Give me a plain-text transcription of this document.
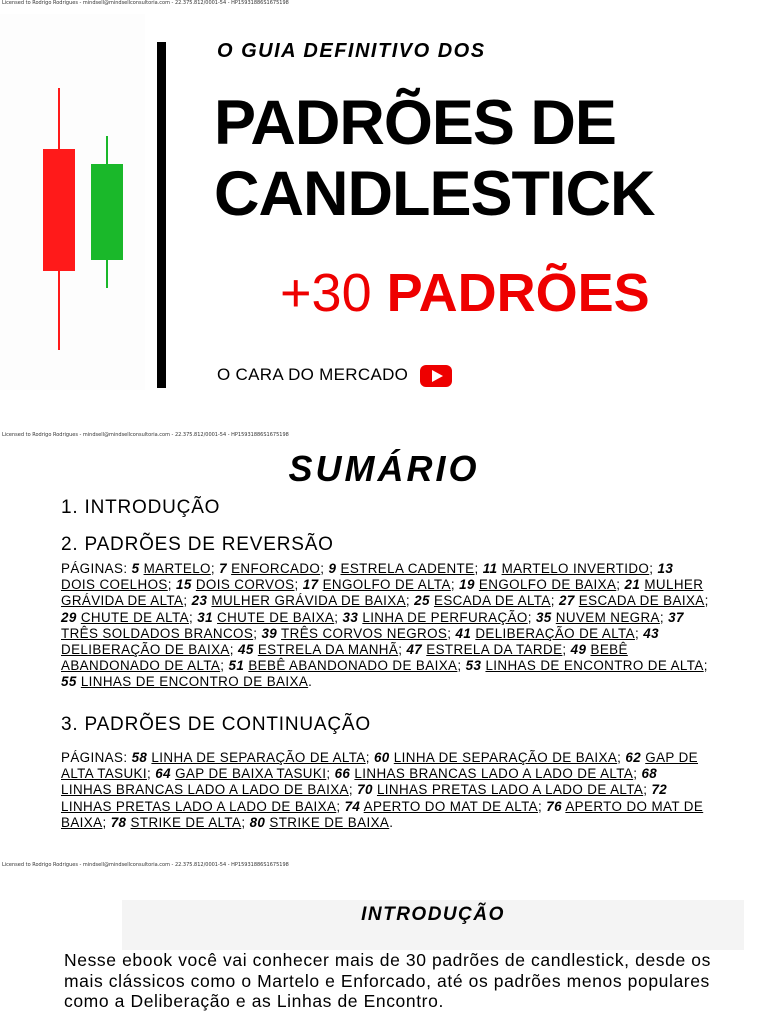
Licensed to Rodrigo Rodrigues - mindsell@mindsellconsultoria.com - 22.375.812/0001-54 - HP15931886S1675198
Licensed to Rodrigo Rodrigues - mindsell@mindsellconsultoria.com - 22.375.812/0001-54 - HP15931886S1675198
Licensed to Rodrigo Rodrigues - mindsell@mindsellconsultoria.com - 22.375.812/0001-54 - HP15931886S1675198
O GUIA DEFINITIVO DOS
PADRÕES DE
CANDLESTICK
+30 PADRÕES
O CARA DO MERCADO
SUMÁRIO
1. INTRODUÇÃO
2. PADRÕES DE REVERSÃO
PÁGINAS: 5 MARTELO; 7 ENFORCADO; 9 ESTRELA CADENTE; 11 MARTELO INVERTIDO; 13 DOIS COELHOS; 15 DOIS CORVOS; 17 ENGOLFO DE ALTA; 19 ENGOLFO DE BAIXA; 21 MULHER GRÁVIDA DE ALTA; 23 MULHER GRÁVIDA DE BAIXA; 25 ESCADA DE ALTA; 27 ESCADA DE BAIXA; 29 CHUTE DE ALTA; 31 CHUTE DE BAIXA; 33 LINHA DE PERFURAÇÃO; 35 NUVEM NEGRA; 37 TRÊS SOLDADOS BRANCOS; 39 TRÊS CORVOS NEGROS; 41 DELIBERAÇÃO DE ALTA; 43 DELIBERAÇÃO DE BAIXA; 45 ESTRELA DA MANHÃ; 47 ESTRELA DA TARDE; 49 BEBÊ ABANDONADO DE ALTA; 51 BEBÊ ABANDONADO DE BAIXA; 53 LINHAS DE ENCONTRO DE ALTA; 55 LINHAS DE ENCONTRO DE BAIXA.
3. PADRÕES DE CONTINUAÇÃO
PÁGINAS: 58 LINHA DE SEPARAÇÃO DE ALTA; 60 LINHA DE SEPARAÇÃO DE BAIXA; 62 GAP DE ALTA TASUKI; 64 GAP DE BAIXA TASUKI; 66 LINHAS BRANCAS LADO A LADO DE ALTA; 68 LINHAS BRANCAS LADO A LADO DE BAIXA; 70 LINHAS PRETAS LADO A LADO DE ALTA; 72 LINHAS PRETAS LADO A LADO DE BAIXA; 74 APERTO DO MAT DE ALTA; 76 APERTO DO MAT DE BAIXA; 78 STRIKE DE ALTA; 80 STRIKE DE BAIXA.
INTRODUÇÃO
Nesse ebook você vai conhecer mais de 30 padrões de candlestick, desde os mais clássicos como o Martelo e Enforcado, até os padrões menos populares como a Deliberação e as Linhas de Encontro.
